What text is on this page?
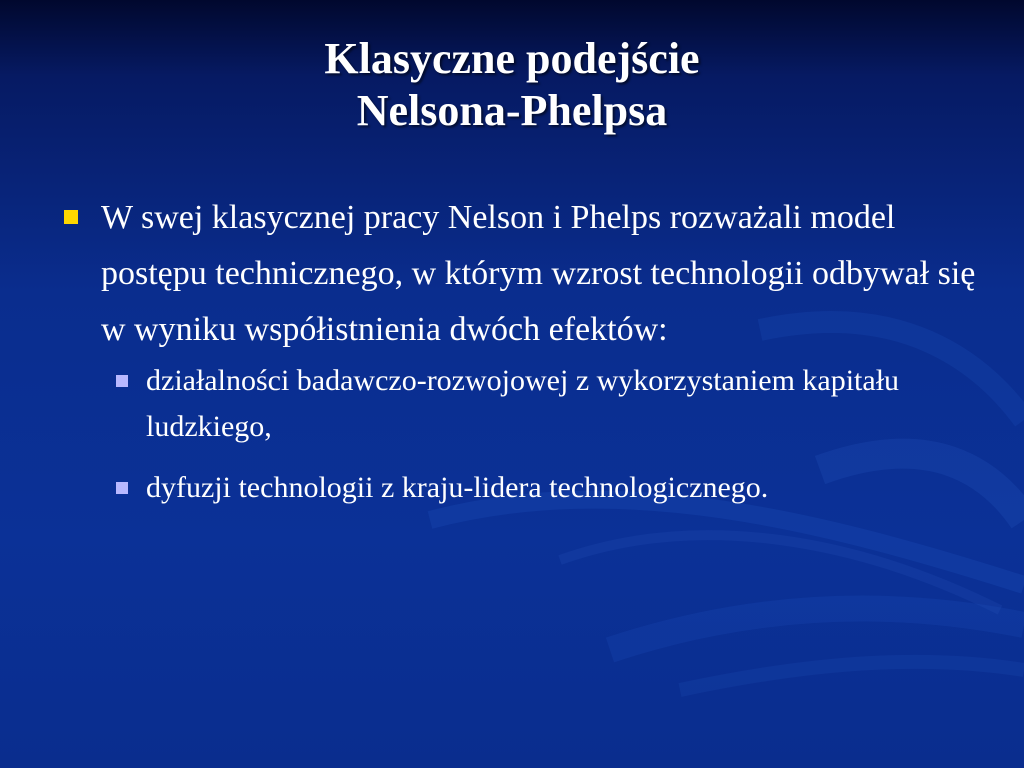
Klasyczne podejście
Nelsona-Phelpsa
W swej klasycznej pracy Nelson i Phelps rozważali model postępu technicznego, w którym wzrost technologii odbywał się w wyniku współistnienia dwóch efektów:
działalności badawczo-rozwojowej z wykorzystaniem kapitału ludzkiego,
dyfuzji technologii z kraju-lidera technologicznego.
